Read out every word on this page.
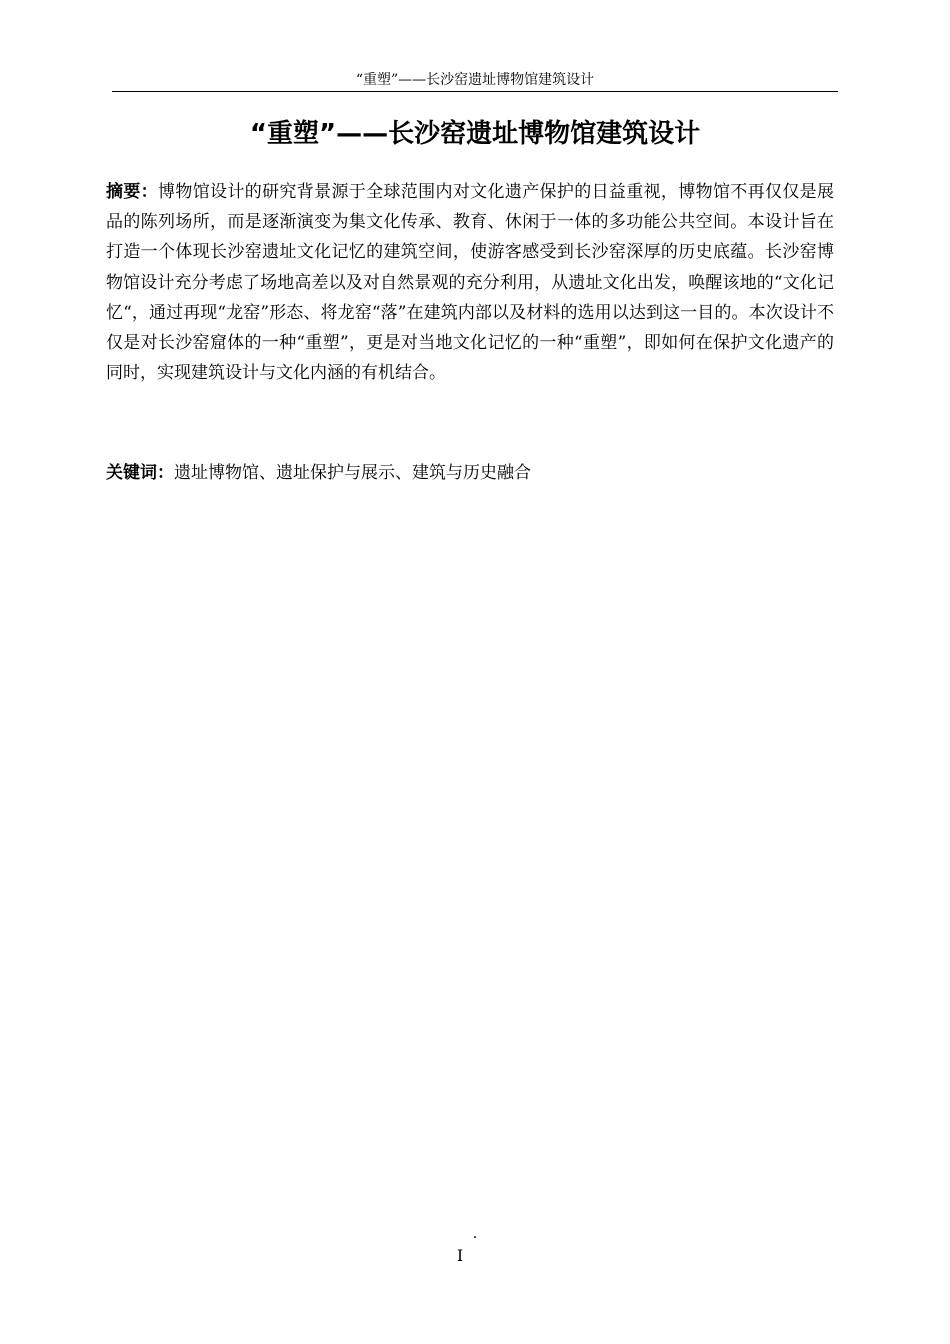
“重塑”——长沙窑遗址博物馆建筑设计
“重塑”——长沙窑遗址博物馆建筑设计

摘要：博物馆设计的研究背景源于全球范围内对文化遗产保护的日益重视，博物馆不再仅仅是展品的陈列场所，而是逐渐演变为集文化传承、教育、休闲于一体的多功能公共空间。本设计旨在打造一个体现长沙窑遗址文化记忆的建筑空间，使游客感受到长沙窑深厚的历史底蕴。长沙窑博物馆设计充分考虑了场地高差以及对自然景观的充分利用，从遗址文化出发，唤醒该地的“文化记忆“，通过再现“龙窑”形态、将龙窑“落”在建筑内部以及材料的选用以达到这一目的。本次设计不仅是对长沙窑窟体的一种“重塑”，更是对当地文化记忆的一种“重塑”，即如何在保护文化遗产的同时，实现建筑设计与文化内涵的有机结合。

关键词：遗址博物馆、遗址保护与展示、建筑与历史融合

.
I
